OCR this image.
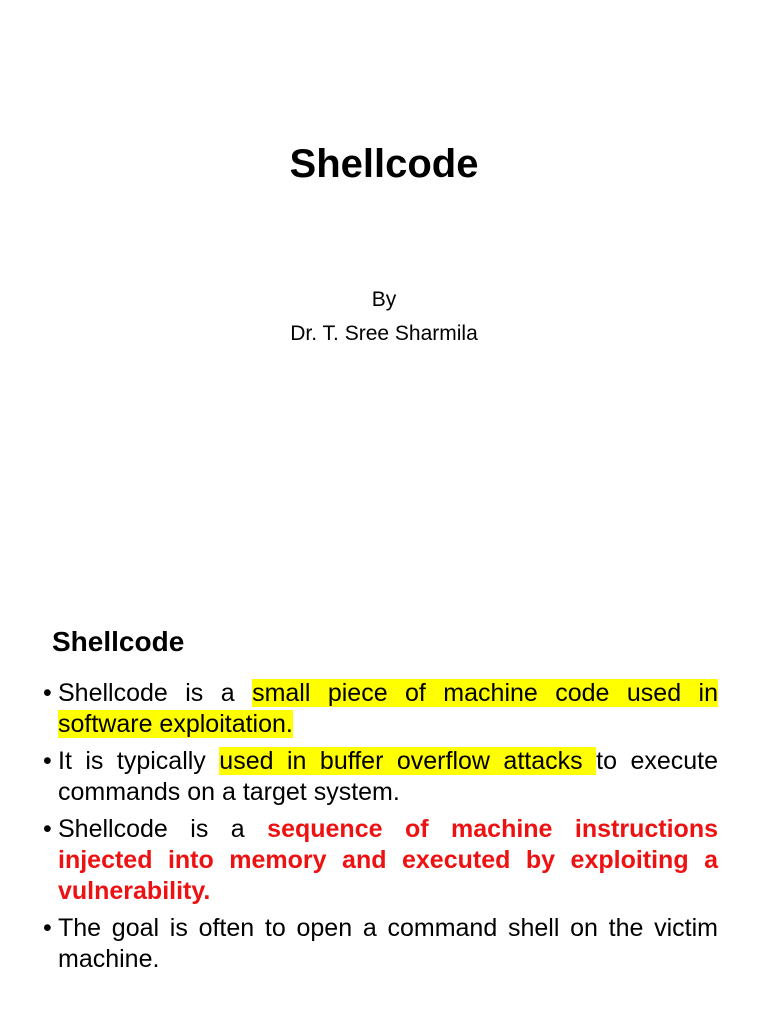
Shellcode
By
Dr. T. Sree Sharmila
Shellcode
• Shellcode is a small piece of machine code used in software exploitation.
• It is typically used in buffer overflow attacks to execute commands on a target system.
• Shellcode is a sequence of machine instructions injected into memory and executed by exploiting a vulnerability.
• The goal is often to open a command shell on the victim machine.
